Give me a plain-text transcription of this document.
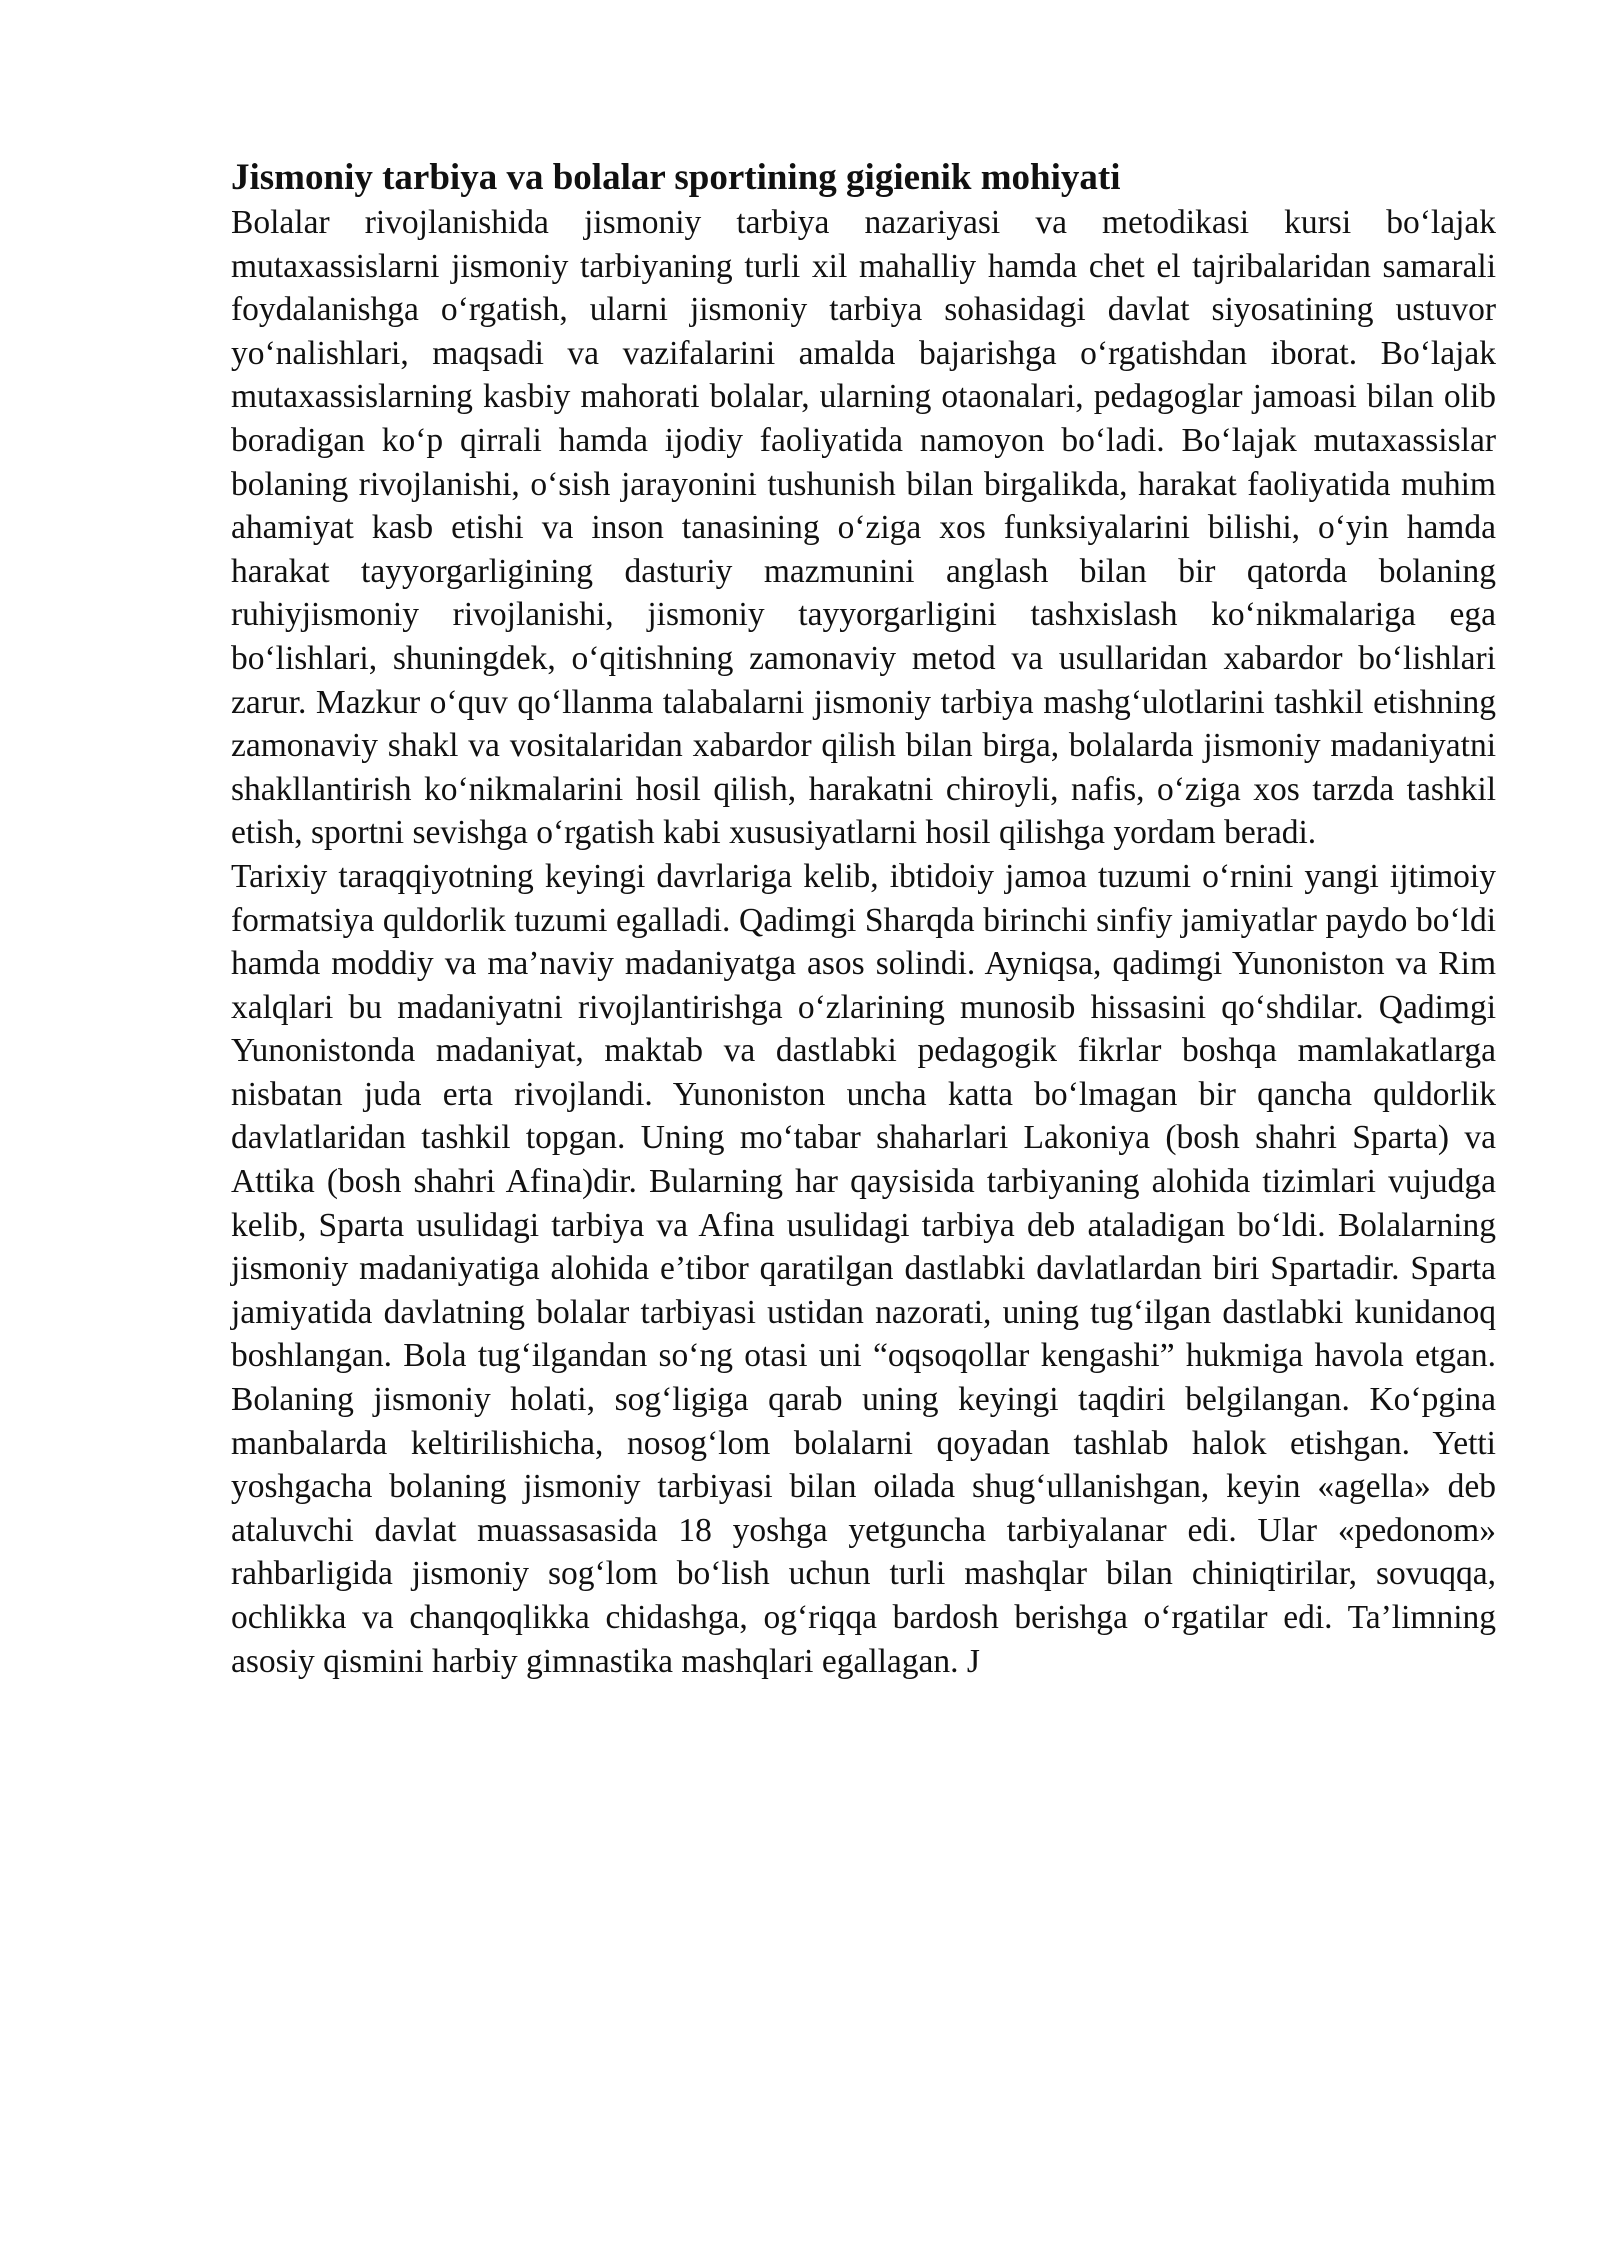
Jismoniy tarbiya va bolalar sportining gigienik mohiyati

Bolalar rivojlanishida jismoniy tarbiya nazariyasi va metodikasi kursi bo‘lajak mutaxassislarni jismoniy tarbiyaning turli xil mahalliy hamda chet el tajribalaridan samarali foydalanishga o‘rgatish, ularni jismoniy tarbiya sohasidagi davlat siyosatining ustuvor yo‘nalishlari, maqsadi va vazifalarini amalda bajarishga o‘rgatishdan iborat. Bo‘lajak mutaxassislarning kasbiy mahorati bolalar, ularning otaonalari, pedagoglar jamoasi bilan olib boradigan ko‘p qirrali hamda ijodiy faoliyatida namoyon bo‘ladi. Bo‘lajak mutaxassislar bolaning rivojlanishi, o‘sish jarayonini tushunish bilan birgalikda, harakat faoliyatida muhim ahamiyat kasb etishi va inson tanasining o‘ziga xos funksiyalarini bilishi, o‘yin hamda harakat tayyorgarligining dasturiy mazmunini anglash bilan bir qatorda bolaning ruhiyjismoniy rivojlanishi, jismoniy tayyorgarligini tashxislash ko‘nikmalariga ega bo‘lishlari, shuningdek, o‘qitishning zamonaviy metod va usullaridan xabardor bo‘lishlari zarur. Mazkur o‘quv qo‘llanma talabalarni jismoniy tarbiya mashg‘ulotlarini tashkil etishning zamonaviy shakl va vositalaridan xabardor qilish bilan birga, bolalarda jismoniy madaniyatni shakllantirish ko‘nikmalarini hosil qilish, harakatni chiroyli, nafis, o‘ziga xos tarzda tashkil etish, sportni sevishga o‘rgatish kabi xususiyatlarni hosil qilishga yordam beradi.

Tarixiy taraqqiyotning keyingi davrlariga kelib, ibtidoiy jamoa tuzumi o‘rnini yangi ijtimoiy formatsiya quldorlik tuzumi egalladi. Qadimgi Sharqda birinchi sinfiy jamiyatlar paydo bo‘ldi hamda moddiy va ma’naviy madaniyatga asos solindi. Ayniqsa, qadimgi Yunoniston va Rim xalqlari bu madaniyatni rivojlantirishga o‘zlarining munosib hissasini qo‘shdilar. Qadimgi Yunonistonda madaniyat, maktab va dastlabki pedagogik fikrlar boshqa mamlakatlarga nisbatan juda erta rivojlandi. Yunoniston uncha katta bo‘lmagan bir qancha quldorlik davlatlaridan tashkil topgan. Uning mo‘tabar shaharlari Lakoniya (bosh shahri Sparta) va Attika (bosh shahri Afina)dir. Bularning har qaysisida tarbiyaning alohida tizimlari vujudga kelib, Sparta usulidagi tarbiya va Afina usulidagi tarbiya deb ataladigan bo‘ldi. Bolalarning jismoniy madaniyatiga alohida e’tibor qaratilgan dastlabki davlatlardan biri Spartadir. Sparta jamiyatida davlatning bolalar tarbiyasi ustidan nazorati, uning tug‘ilgan dastlabki kunidanoq boshlangan. Bola tug‘ilgandan so‘ng otasi uni “oqsoqollar kengashi” hukmiga havola etgan. Bolaning jismoniy holati, sog‘ligiga qarab uning keyingi taqdiri belgilangan. Ko‘pgina manbalarda keltirilishicha, nosog‘lom bolalarni qoyadan tashlab halok etishgan. Yetti yoshgacha bolaning jismoniy tarbiyasi bilan oilada shug‘ullanishgan, keyin «agella» deb ataluvchi davlat muassasasida 18 yoshga yetguncha tarbiyalanar edi. Ular «pedonom» rahbarligida jismoniy sog‘lom bo‘lish uchun turli mashqlar bilan chiniqtirilar, sovuqqa, ochlikka va chanqoqlikka chidashga, og‘riqqa bardosh berishga o‘rgatilar edi. Ta’limning asosiy qismini harbiy gimnastika mashqlari egallagan. J
